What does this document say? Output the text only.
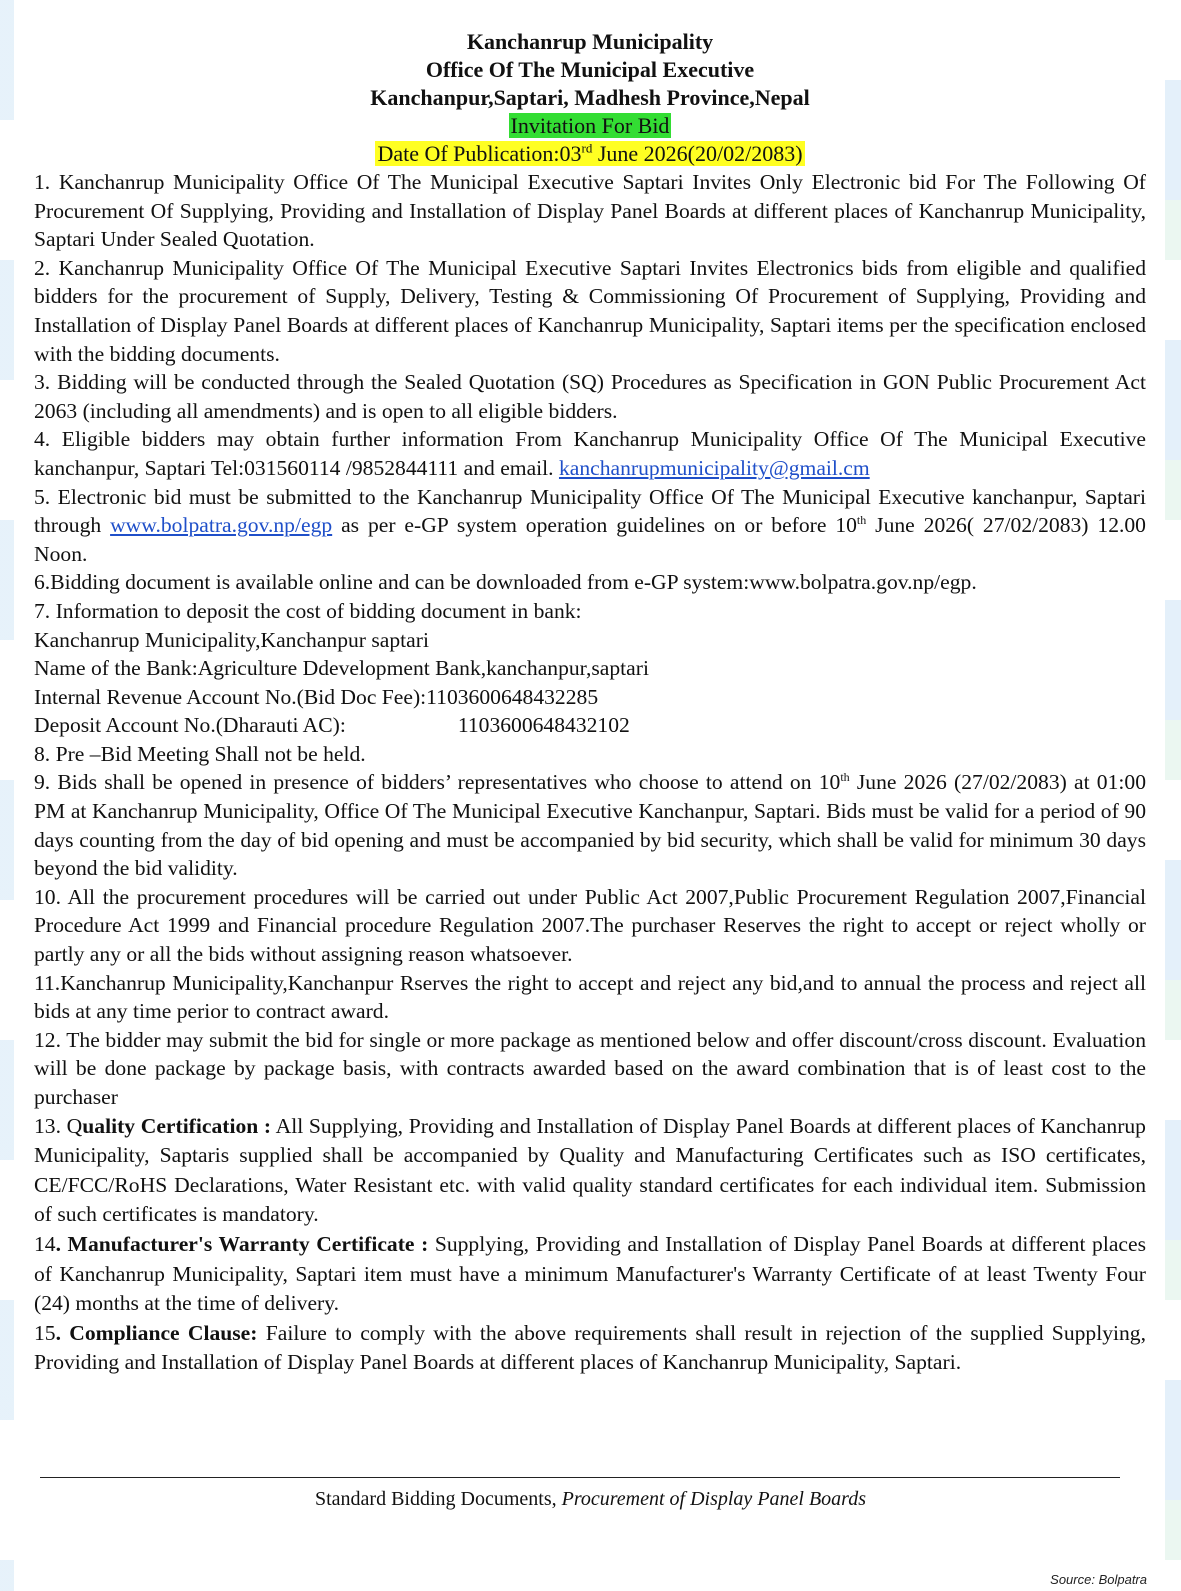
Kanchanrup Municipality
Office Of The Municipal Executive
Kanchanpur,Saptari, Madhesh Province,Nepal
Invitation For Bid
Date Of Publication:03rd June 2026(20/02/2083)

1. Kanchanrup Municipality Office Of The Municipal Executive Saptari Invites Only Electronic bid For The Following Of Procurement Of Supplying, Providing and Installation of Display Panel Boards at different places of Kanchanrup Municipality, Saptari Under Sealed Quotation.

2. Kanchanrup Municipality Office Of The Municipal Executive Saptari Invites Electronics bids from eligible and qualified bidders for the procurement of Supply, Delivery, Testing & Commissioning Of Procurement of Supplying, Providing and Installation of Display Panel Boards at different places of Kanchanrup Municipality, Saptari items per the specification enclosed with the bidding documents.

3. Bidding will be conducted through the Sealed Quotation (SQ) Procedures as Specification in GON Public Procurement Act 2063 (including all amendments) and is open to all eligible bidders.

4. Eligible bidders may obtain further information From Kanchanrup Municipality Office Of The Municipal Executive kanchanpur, Saptari Tel:031560114 /9852844111 and email. kanchanrupmunicipality@gmail.cm

5. Electronic bid must be submitted to the Kanchanrup Municipality Office Of The Municipal Executive kanchanpur, Saptari through www.bolpatra.gov.np/egp as per e-GP system operation guidelines on or before 10th June 2026( 27/02/2083) 12.00 Noon.

6.Bidding document is available online and can be downloaded from e-GP system:www.bolpatra.gov.np/egp.

7. Information to deposit the cost of bidding document in bank:

Kanchanrup Municipality,Kanchanpur saptari

Name of the Bank:Agriculture Ddevelopment Bank,kanchanpur,saptari

Internal Revenue Account No.(Bid Doc Fee):1103600648432285

Deposit Account No.(Dharauti AC):	1103600648432102

8. Pre –Bid Meeting Shall not be held.

9. Bids shall be opened in presence of bidders’ representatives who choose to attend on 10th June 2026 (27/02/2083) at 01:00 PM at Kanchanrup Municipality, Office Of The Municipal Executive Kanchanpur, Saptari. Bids must be valid for a period of 90 days counting from the day of bid opening and must be accompanied by bid security, which shall be valid for minimum 30 days beyond the bid validity.

10. All the procurement procedures will be carried out under Public Act 2007,Public Procurement Regulation 2007,Financial Procedure Act 1999 and Financial procedure Regulation 2007.The purchaser Reserves the right to accept or reject wholly or partly any or all the bids without assigning reason whatsoever.

11.Kanchanrup Municipality,Kanchanpur Rserves the right to accept and reject any bid,and to annual the process and reject all bids at any time perior to contract award.

12. The bidder may submit the bid for single or more package as mentioned below and offer discount/cross discount. Evaluation will be done package by package basis, with contracts awarded based on the award combination that is of least cost to the purchaser

13. Quality Certification : All Supplying, Providing and Installation of Display Panel Boards at different places of Kanchanrup Municipality, Saptaris supplied shall be accompanied by Quality and Manufacturing Certificates such as ISO certificates, CE/FCC/RoHS Declarations, Water Resistant etc. with valid quality standard certificates for each individual item. Submission of such certificates is mandatory.

14. Manufacturer's Warranty Certificate : Supplying, Providing and Installation of Display Panel Boards at different places of Kanchanrup Municipality, Saptari item must have a minimum Manufacturer's Warranty Certificate of at least Twenty Four (24) months at the time of delivery.

15. Compliance Clause: Failure to comply with the above requirements shall result in rejection of the supplied Supplying, Providing and Installation of Display Panel Boards at different places of Kanchanrup Municipality, Saptari.

Standard Bidding Documents, Procurement of Display Panel Boards
Source: Bolpatra
